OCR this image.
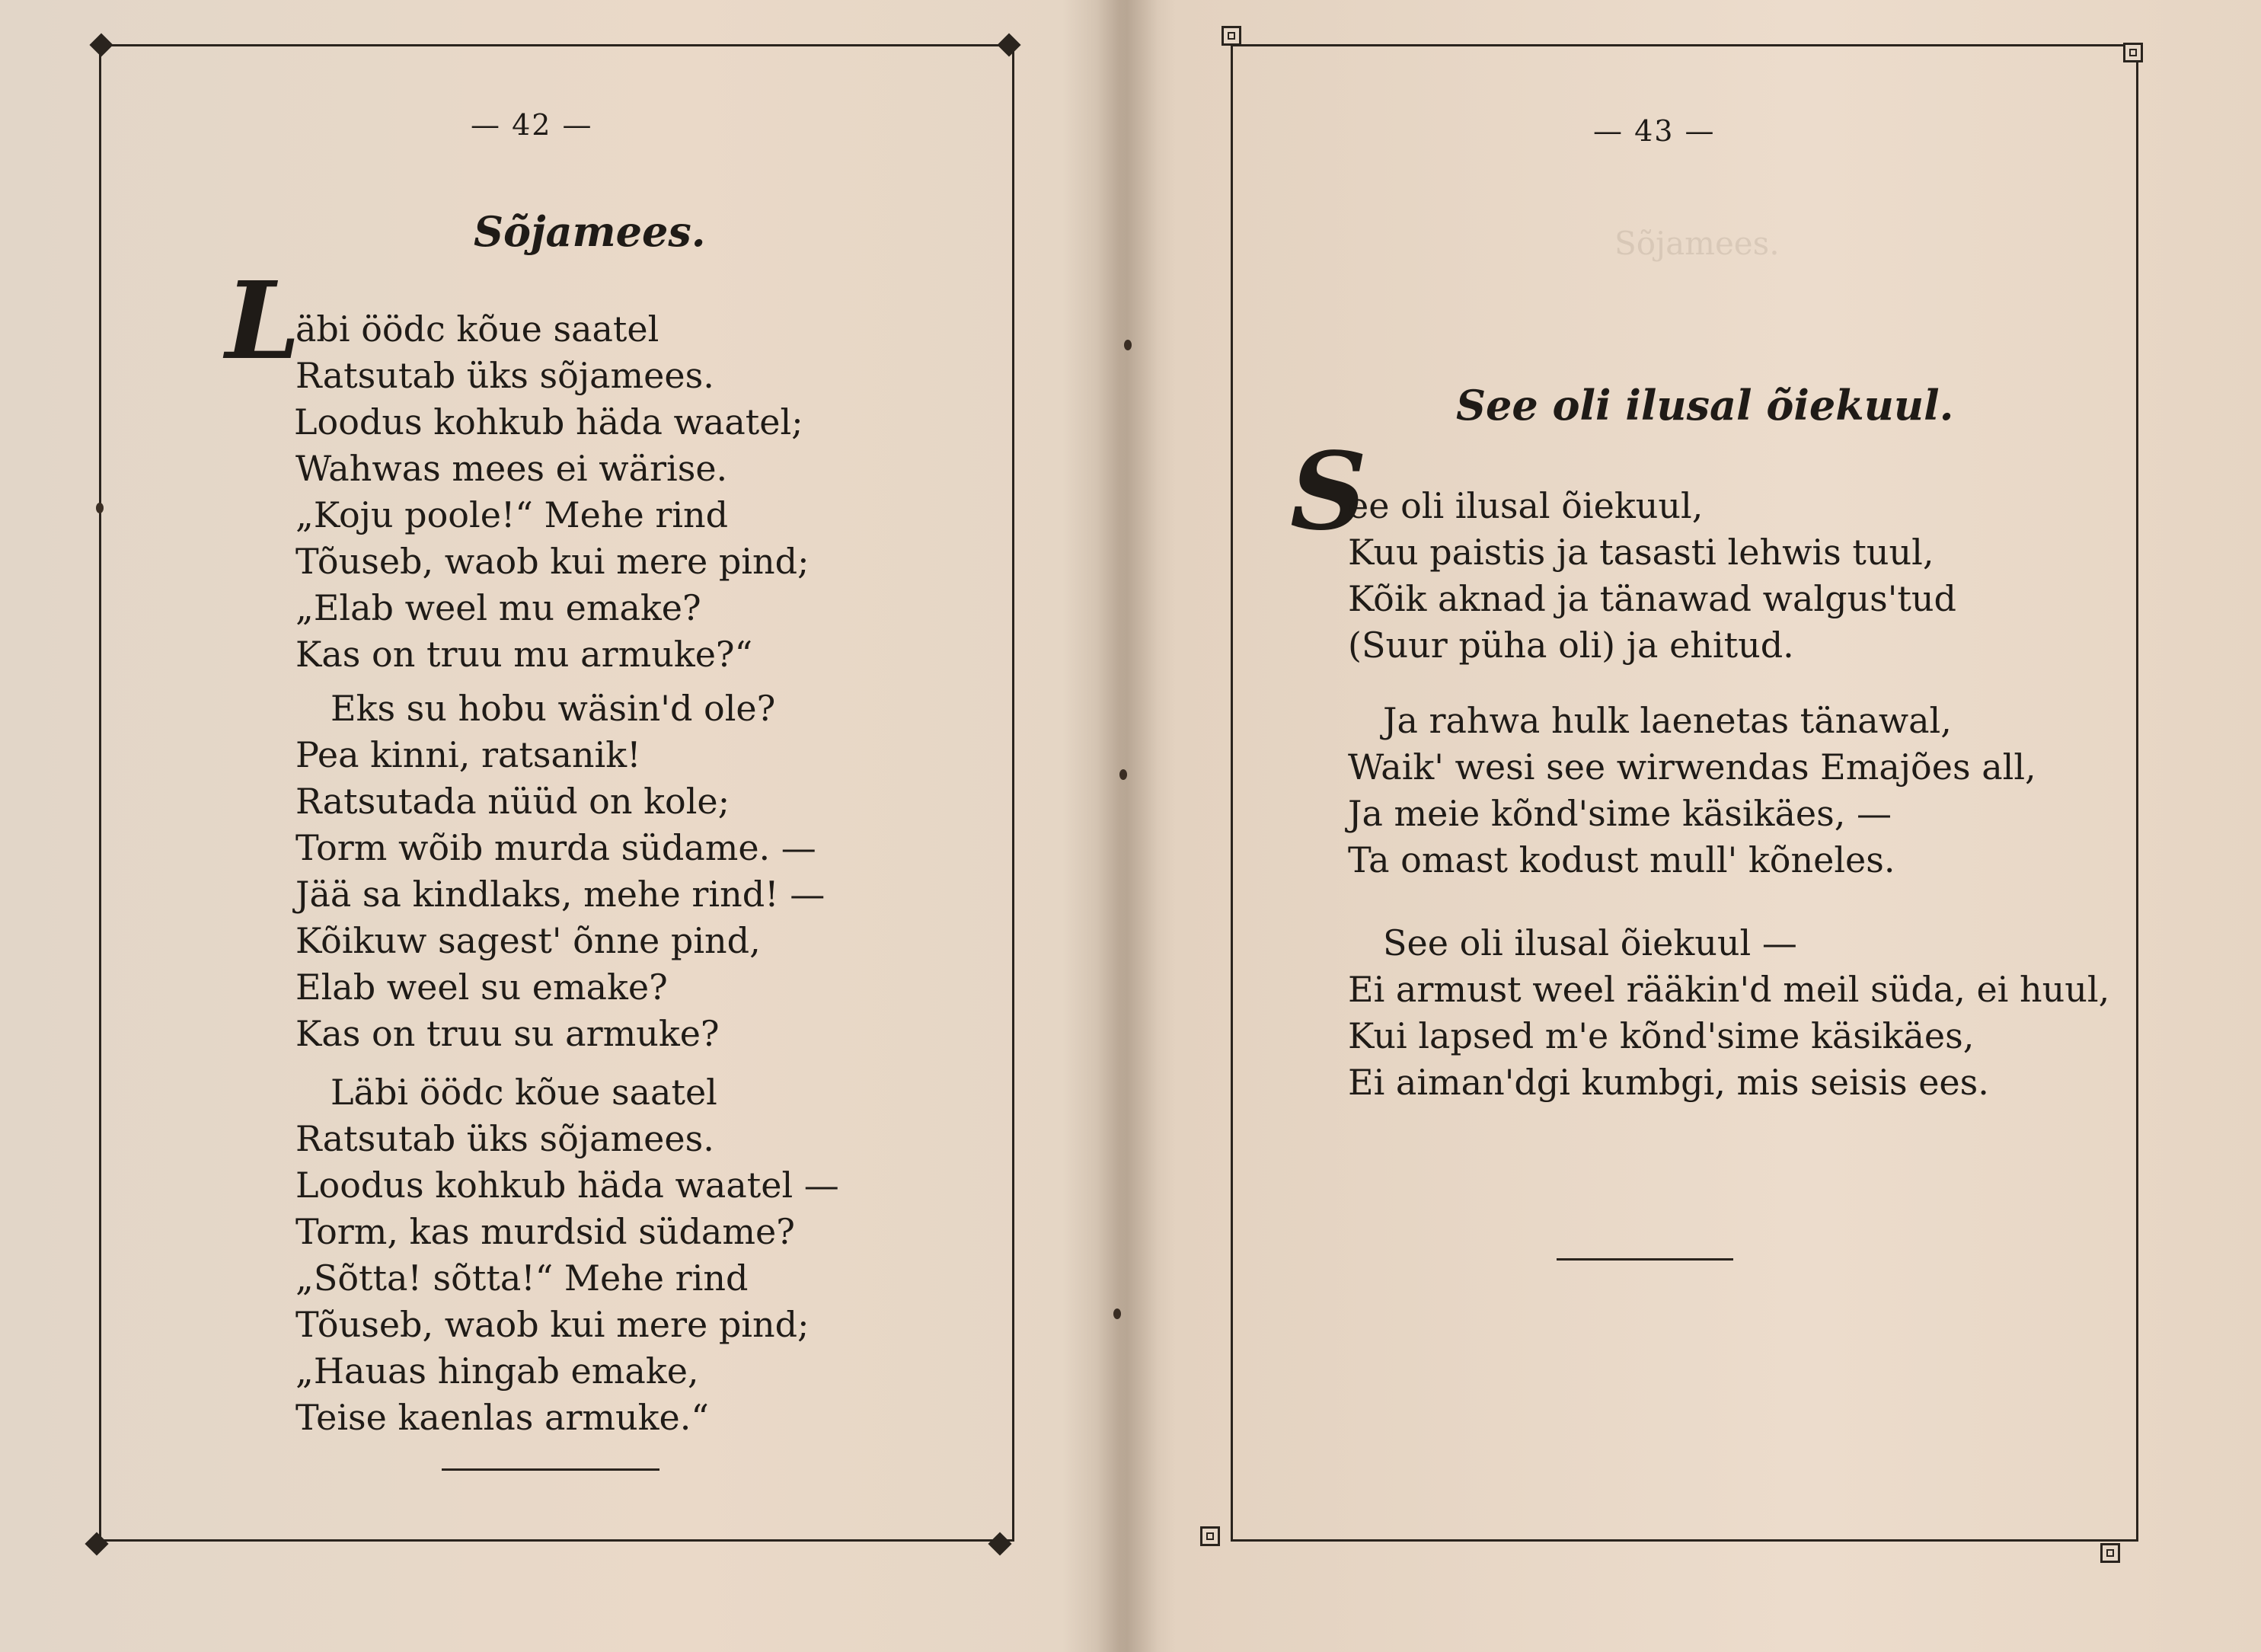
— 42 —
Sõjamees.
L
äbi öödc kõue saatel
Ratsutab üks sõjamees.
Loodus kohkub häda waatel;
Wahwas mees ei wärise.
„Koju poole!“ Mehe rind
Tõuseb, waob kui mere pind;
„Elab weel mu emake?
Kas on truu mu armuke?“
Eks su hobu wäsin'd ole?
Pea kinni, ratsanik!
Ratsutada nüüd on kole;
Torm wõib murda südame. —
Jää sa kindlaks, mehe rind! —
Kõikuw sagest' õnne pind,
Elab weel su emake?
Kas on truu su armuke?
Läbi öödc kõue saatel
Ratsutab üks sõjamees.
Loodus kohkub häda waatel —
Torm, kas murdsid südame?
„Sõtta! sõtta!“ Mehe rind
Tõuseb, waob kui mere pind;
„Hauas hingab emake,
Teise kaenlas armuke.“
— 43 —
Sõjamees.
See oli ilusal õiekuul.
S
ee oli ilusal õiekuul,
Kuu paistis ja tasasti lehwis tuul,
Kõik aknad ja tänawad walgus'tud
(Suur püha oli) ja ehitud.
Ja rahwa hulk laenetas tänawal,
Waik' wesi see wirwendas Emajões all,
Ja meie kõnd'sime käsikäes, —
Ta omast kodust mull' kõneles.
See oli ilusal õiekuul —
Ei armust weel rääkin'd meil süda, ei huul,
Kui lapsed m'e kõnd'sime käsikäes,
Ei aiman'dgi kumbgi, mis seisis ees.
